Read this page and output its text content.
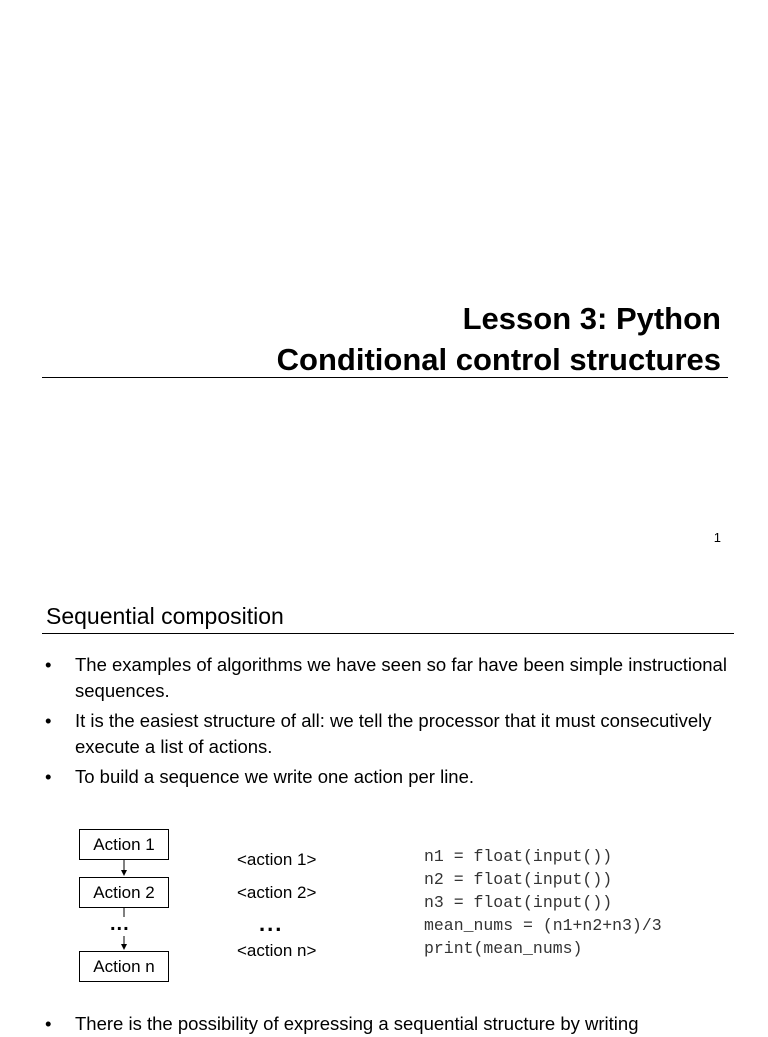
Lesson 3: Python
Conditional control structures
1
Sequential composition
• The examples of algorithms we have seen so far have been simple instructional sequences.
• It is the easiest structure of all: we tell the processor that it must consecutively execute a list of actions.
• To build a sequence we write one action per line.
Action 1
Action 2
...
Action n
<action 1>
<action 2>
...
<action n>
n1 = float(input())
n2 = float(input())
n3 = float(input())
mean_nums = (n1+n2+n3)/3
print(mean_nums)
• There is the possibility of expressing a sequential structure by writing
